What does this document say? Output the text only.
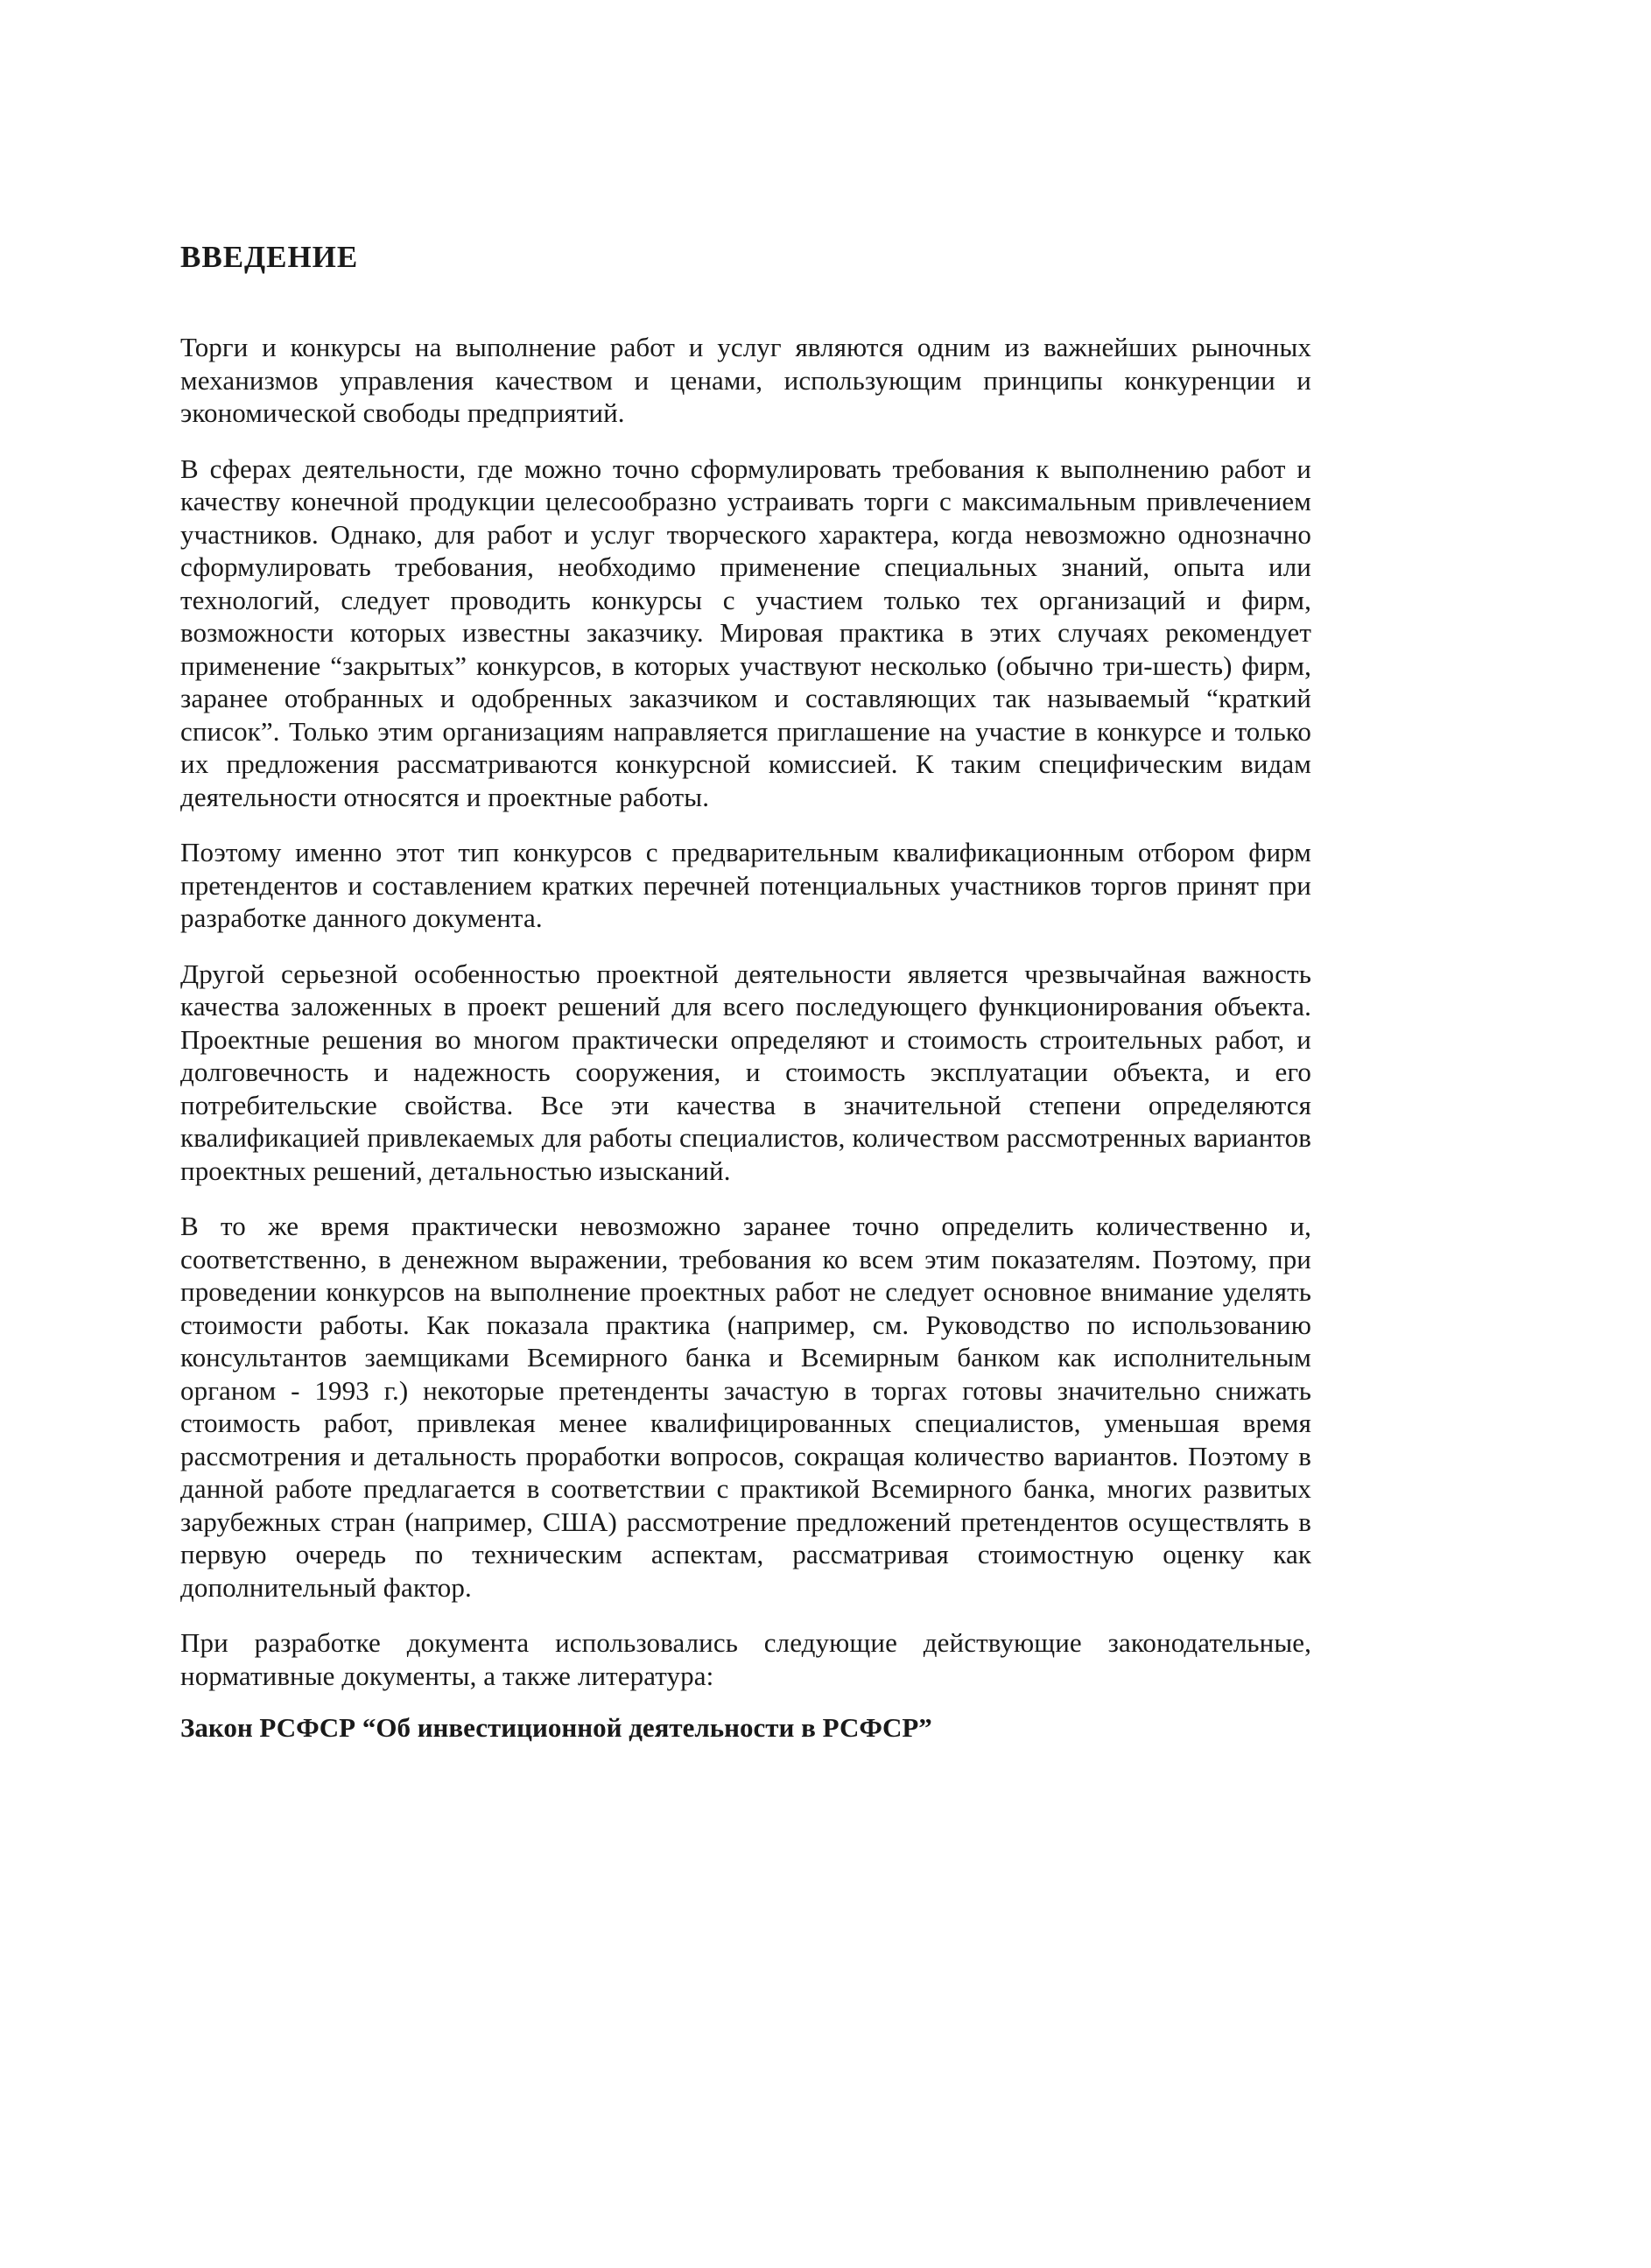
ВВЕДЕНИЕ

Торги и конкурсы на выполнение работ и услуг являются одним из важнейших рыночных механизмов управления качеством и ценами, использующим принципы конкуренции и экономической свободы предприятий.

В сферах деятельности, где можно точно сформулировать требования к выполнению работ и качеству конечной продукции целесообразно устраивать торги с максимальным привлечением участников. Однако, для работ и услуг творческого характера, когда невозможно однозначно сформулировать требования, необходимо применение специальных знаний, опыта или технологий, следует проводить конкурсы с участием только тех организаций и фирм, возможности которых известны заказчику. Мировая практика в этих случаях рекомендует применение “закрытых” конкурсов, в которых участвуют несколько (обычно три-шесть) фирм, заранее отобранных и одобренных заказчиком и составляющих так называемый “краткий список”. Только этим организациям направляется приглашение на участие в конкурсе и только их предложения рассматриваются конкурсной комиссией. К таким специфическим видам деятельности относятся и проектные работы.

Поэтому именно этот тип конкурсов с предварительным квалификационным отбором фирм претендентов и составлением кратких перечней потенциальных участников торгов принят при разработке данного документа.

Другой серьезной особенностью проектной деятельности является чрезвычайная важность качества заложенных в проект решений для всего последующего функционирования объекта. Проектные решения во многом практически определяют и стоимость строительных работ, и долговечность и надежность сооружения, и стоимость эксплуатации объекта, и его потребительские свойства. Все эти качества в значительной степени определяются квалификацией привлекаемых для работы специалистов, количеством рассмотренных вариантов проектных решений, детальностью изысканий.

В то же время практически невозможно заранее точно определить количественно и, соответственно, в денежном выражении, требования ко всем этим показателям. Поэтому, при проведении конкурсов на выполнение проектных работ не следует основное внимание уделять стоимости работы. Как показала практика (например, см. Руководство по использованию консультантов заемщиками Всемирного банка и Всемирным банком как исполнительным органом - 1993 г.) некоторые претенденты зачастую в торгах готовы значительно снижать стоимость работ, привлекая менее квалифицированных специалистов, уменьшая время рассмотрения и детальность проработки вопросов, сокращая количество вариантов. Поэтому в данной работе предлагается в соответствии с практикой Всемирного банка, многих развитых зарубежных стран (например, США) рассмотрение предложений претендентов осуществлять в первую очередь по техническим аспектам, рассматривая стоимостную оценку как дополнительный фактор.

При разработке документа использовались следующие действующие законодательные, нормативные документы, а также литература:

Закон РСФСР “Об инвестиционной деятельности в РСФСР”
